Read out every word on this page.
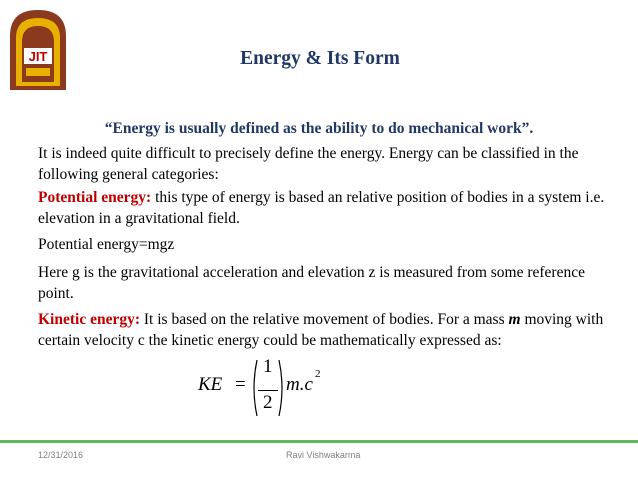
JIT	Energy & Its Form
“Energy is usually defined as the ability to do mechanical work”.
It is indeed quite difficult to precisely define the energy. Energy can be classified in the following general categories:
Potential energy: this type of energy is based an relative position of bodies in a system i.e. elevation in a gravitational field.
Potential energy=mgz
Here g is the gravitational acceleration and elevation z is measured from some reference point.
Kinetic energy: It is based on the relative movement of bodies. For a mass m moving with certain velocity c the kinetic energy could be mathematically expressed as:
KE =
1
2
m.c 2
12/31/2016	Ravi Vishwakarma
